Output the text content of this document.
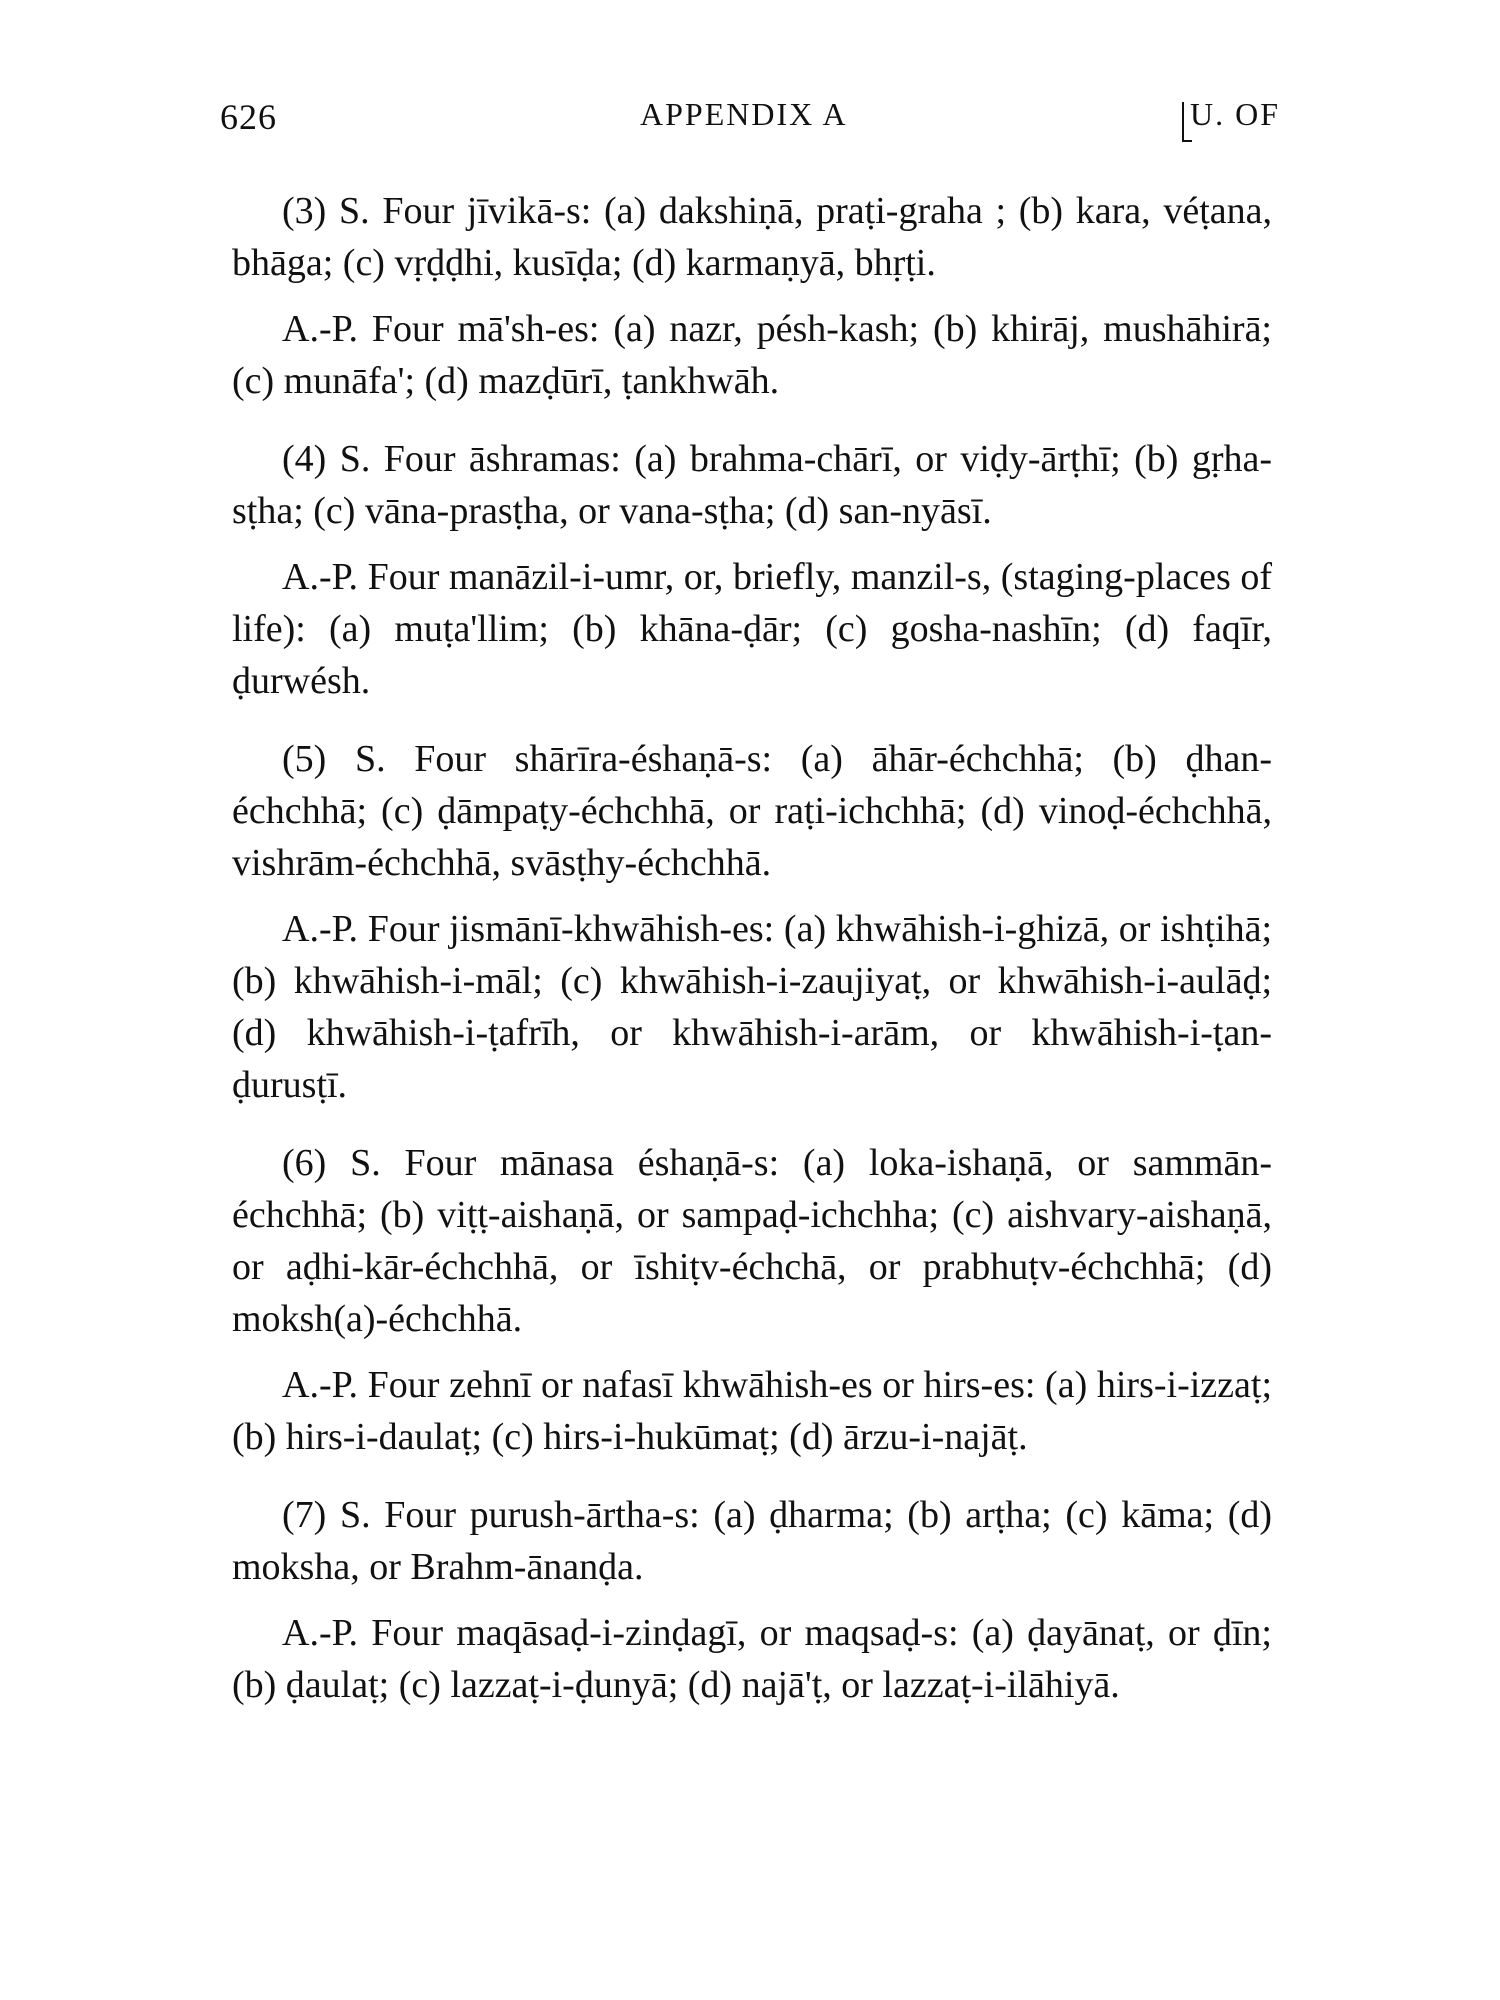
626	APPENDIX A	U. OF

(3) S. Four jīvikā-s: (a) dakshiṇā, praṭi-graha ; (b) kara, véṭana, bhāga; (c) vṛḍḍhi, kusīḍa; (d) karmaṇyā, bhṛṭi.

A.-P. Four mā'sh-es: (a) nazr, pésh-kash; (b) khirāj, mushāhirā; (c) munāfa'; (d) mazḍūrī, ṭankhwāh.

(4) S. Four āshramas: (a) brahma-chārī, or viḍy-ārṭhī; (b) gṛha-sṭha; (c) vāna-prasṭha, or vana-sṭha; (d) san-nyāsī.

A.-P. Four manāzil-i-umr, or, briefly, manzil-s, (staging-places of life): (a) muṭa'llim; (b) khāna-ḍār; (c) gosha-nashīn; (d) faqīr, ḍurwésh.

(5) S. Four shārīra-éshaṇā-s: (a) āhār-échchhā; (b) ḍhan-échchhā; (c) ḍāmpaṭy-échchhā, or raṭi-ichchhā; (d) vinoḍ-échchhā, vishrām-échchhā, svāsṭhy-échchhā.

A.-P. Four jismānī-khwāhish-es: (a) khwāhish-i-ghizā, or ishṭihā; (b) khwāhish-i-māl; (c) khwāhish-i-zaujiyaṭ, or khwāhish-i-aulāḍ; (d) khwāhish-i-ṭafrīh, or khwāhish-i-arām, or khwāhish-i-ṭan-ḍurusṭī.

(6) S. Four mānasa éshaṇā-s: (a) loka-ishaṇā, or sammān-échchhā; (b) viṭṭ-aishaṇā, or sampaḍ-ichchha; (c) aishvary-aishaṇā, or aḍhi-kār-échchhā, or īshiṭv-échchā, or prabhuṭv-échchhā; (d) moksh(a)-échchhā.

A.-P. Four zehnī or nafasī khwāhish-es or hirs-es: (a) hirs-i-izzaṭ; (b) hirs-i-daulaṭ; (c) hirs-i-hukūmaṭ; (d) ārzu-i-najāṭ.

(7) S. Four purush-ārtha-s: (a) ḍharma; (b) arṭha; (c) kāma; (d) moksha, or Brahm-ānanḍa.

A.-P. Four maqāsaḍ-i-zinḍagī, or maqsaḍ-s: (a) ḍayānaṭ, or ḍīn; (b) ḍaulaṭ; (c) lazzaṭ-i-ḍunyā; (d) najā'ṭ, or lazzaṭ-i-ilāhiyā.
